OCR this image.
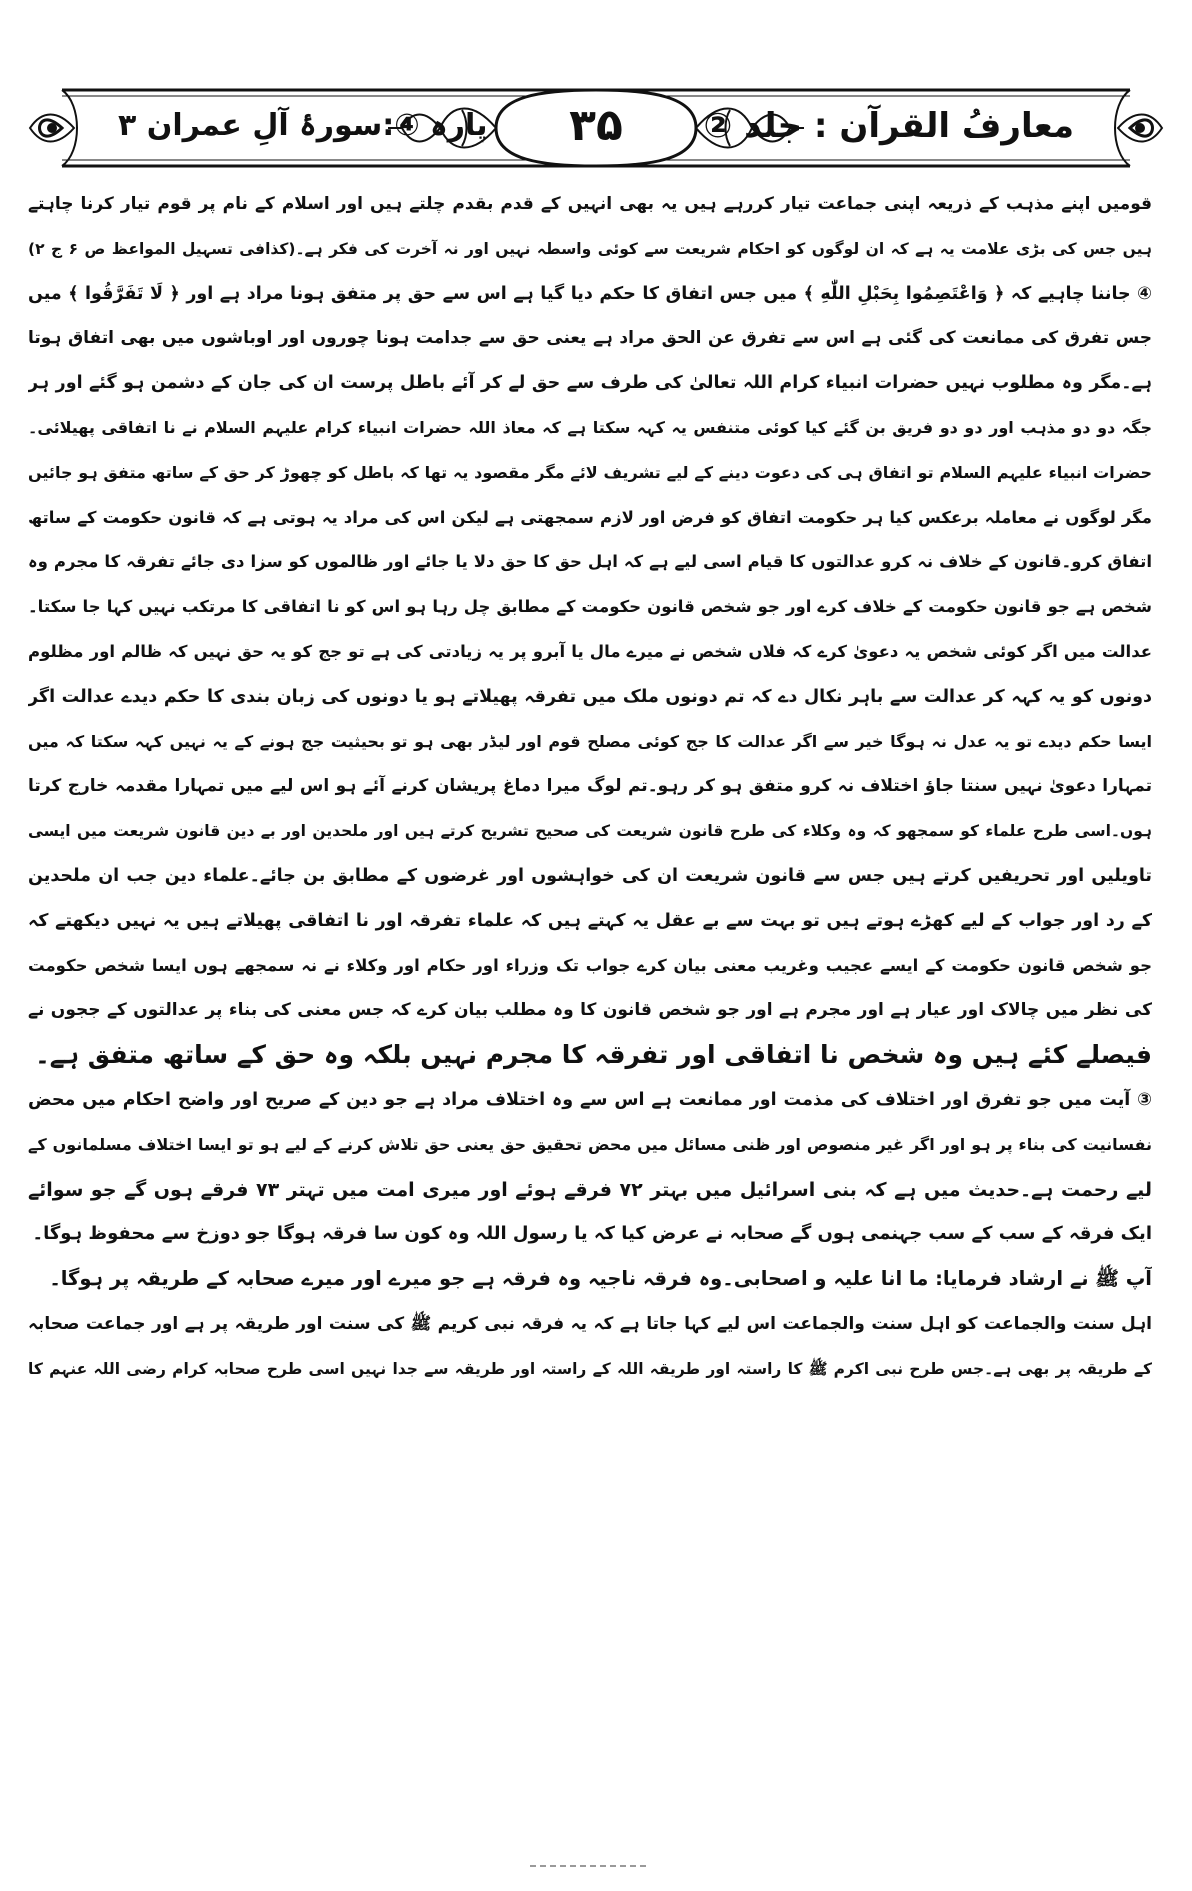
معارفُ القرآن : جلد ②
۳۵
پارہ ④:سورۂ آلِ عمران ۳
قومیں اپنے مذہب کے ذریعہ اپنی جماعت تیار کررہے ہیں یہ بھی انہیں کے قدم بقدم چلتے ہیں اور اسلام کے نام پر قوم تیار کرنا چاہتے
ہیں جس کی بڑی علامت یہ ہے کہ ان لوگوں کو احکام شریعت سے کوئی واسطہ نہیں اور نہ آخرت کی فکر ہے۔(کذافی تسہیل المواعظ ص ۶ ج ۲)
④ جاننا چاہیے کہ ﴿ وَاعْتَصِمُوا بِحَبْلِ اللّٰهِ ﴾ میں جس اتفاق کا حکم دیا گیا ہے اس سے حق پر متفق ہونا مراد ہے اور ﴿ لَا تَفَرَّقُوا ﴾ میں
جس تفرق کی ممانعت کی گئی ہے اس سے تفرق عن الحق مراد ہے یعنی حق سے جدامت ہونا چوروں اور اوباشوں میں بھی اتفاق ہوتا
ہے۔مگر وہ مطلوب نہیں حضرات انبیاء کرام اللہ تعالیٰ کی طرف سے حق لے کر آئے باطل پرست ان کی جان کے دشمن ہو گئے اور ہر
جگہ دو دو مذہب اور دو دو فریق بن گئے کیا کوئی متنفس یہ کہہ سکتا ہے کہ معاذ اللہ حضرات انبیاء کرام علیہم السلام نے نا اتفاقی پھیلائی۔
حضرات انبیاء علیہم السلام تو اتفاق ہی کی دعوت دینے کے لیے تشریف لائے مگر مقصود یہ تھا کہ باطل کو چھوڑ کر حق کے ساتھ متفق ہو جائیں
مگر لوگوں نے معاملہ برعکس کیا ہر حکومت اتفاق کو فرض اور لازم سمجھتی ہے لیکن اس کی مراد یہ ہوتی ہے کہ قانون حکومت کے ساتھ
اتفاق کرو۔قانون کے خلاف نہ کرو عدالتوں کا قیام اسی لیے ہے کہ اہل حق کا حق دلا یا جائے اور ظالموں کو سزا دی جائے تفرقہ کا مجرم وہ
شخص ہے جو قانون حکومت کے خلاف کرے اور جو شخص قانون حکومت کے مطابق چل رہا ہو اس کو نا اتفاقی کا مرتکب نہیں کہا جا سکتا۔
عدالت میں اگر کوئی شخص یہ دعویٰ کرے کہ فلاں شخص نے میرے مال یا آبرو پر یہ زیادتی کی ہے تو جج کو یہ حق نہیں کہ ظالم اور مظلوم
دونوں کو یہ کہہ کر عدالت سے باہر نکال دے کہ تم دونوں ملک میں تفرقہ پھیلاتے ہو یا دونوں کی زبان بندی کا حکم دیدے عدالت اگر
ایسا حکم دیدے تو یہ عدل نہ ہوگا خیر سے اگر عدالت کا جج کوئی مصلح قوم اور لیڈر بھی ہو تو بحیثیت جج ہونے کے یہ نہیں کہہ سکتا کہ میں
تمہارا دعویٰ نہیں سنتا جاؤ اختلاف نہ کرو متفق ہو کر رہو۔تم لوگ میرا دماغ پریشان کرنے آئے ہو اس لیے میں تمہارا مقدمہ خارج کرتا
ہوں۔اسی طرح علماء کو سمجھو کہ وہ وکلاء کی طرح قانون شریعت کی صحیح تشریح کرتے ہیں اور ملحدین اور بے دین قانون شریعت میں ایسی
تاویلیں اور تحریفیں کرتے ہیں جس سے قانون شریعت ان کی خواہشوں اور غرضوں کے مطابق بن جائے۔علماء دین جب ان ملحدین
کے رد اور جواب کے لیے کھڑے ہوتے ہیں تو بہت سے بے عقل یہ کہتے ہیں کہ علماء تفرقہ اور نا اتفاقی پھیلاتے ہیں یہ نہیں دیکھتے کہ
جو شخص قانون حکومت کے ایسے عجیب وغریب معنی بیان کرے جواب تک وزراء اور حکام اور وکلاء نے نہ سمجھے ہوں ایسا شخص حکومت
کی نظر میں چالاک اور عیار ہے اور مجرم ہے اور جو شخص قانون کا وہ مطلب بیان کرے کہ جس معنی کی بناء پر عدالتوں کے ججوں نے
فیصلے کئے ہیں وہ شخص نا اتفاقی اور تفرقہ کا مجرم نہیں بلکہ وہ حق کے ساتھ متفق ہے۔
③ آیت میں جو تفرق اور اختلاف کی مذمت اور ممانعت ہے اس سے وہ اختلاف مراد ہے جو دین کے صریح اور واضح احکام میں محض
نفسانیت کی بناء پر ہو اور اگر غیر منصوص اور ظنی مسائل میں محض تحقیق حق یعنی حق تلاش کرنے کے لیے ہو تو ایسا اختلاف مسلمانوں کے
لیے رحمت ہے۔حدیث میں ہے کہ بنی اسرائیل میں بہتر ۷۲ فرقے ہوئے اور میری امت میں تہتر ۷۳ فرقے ہوں گے جو سوائے
ایک فرقہ کے سب کے سب جہنمی ہوں گے صحابہ نے عرض کیا کہ یا رسول اللہ وہ کون سا فرقہ ہوگا جو دوزخ سے محفوظ ہوگا۔
آپ ﷺ نے ارشاد فرمایا: ما انا علیہ و اصحابی۔وہ فرقہ ناجیہ وہ فرقہ ہے جو میرے اور میرے صحابہ کے طریقہ پر ہوگا۔
اہل سنت والجماعت کو اہل سنت والجماعت اس لیے کہا جاتا ہے کہ یہ فرقہ نبی کریم ﷺ کی سنت اور طریقہ پر ہے اور جماعت صحابہ
کے طریقہ پر بھی ہے۔جس طرح نبی اکرم ﷺ کا راستہ اور طریقہ اللہ کے راستہ اور طریقہ سے جدا نہیں اسی طرح صحابہ کرام رضی اللہ عنہم کا
